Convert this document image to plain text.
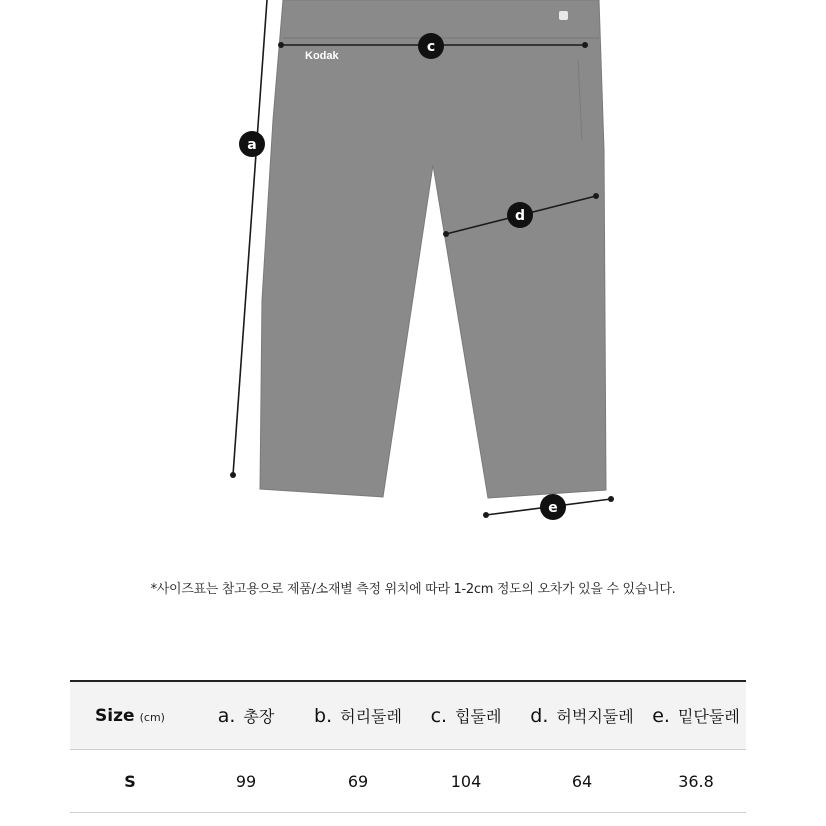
Kodak
a
c
d
e
*사이즈표는 참고용으로 제품/소재별 측정 위치에 따라 1-2cm 정도의 오차가 있을 수 있습니다.
Size (cm)	a. 총장	b. 허리둘레	c. 힙둘레	d. 허벅지둘레	e. 밑단둘레
S	99	69	104	64	36.8
